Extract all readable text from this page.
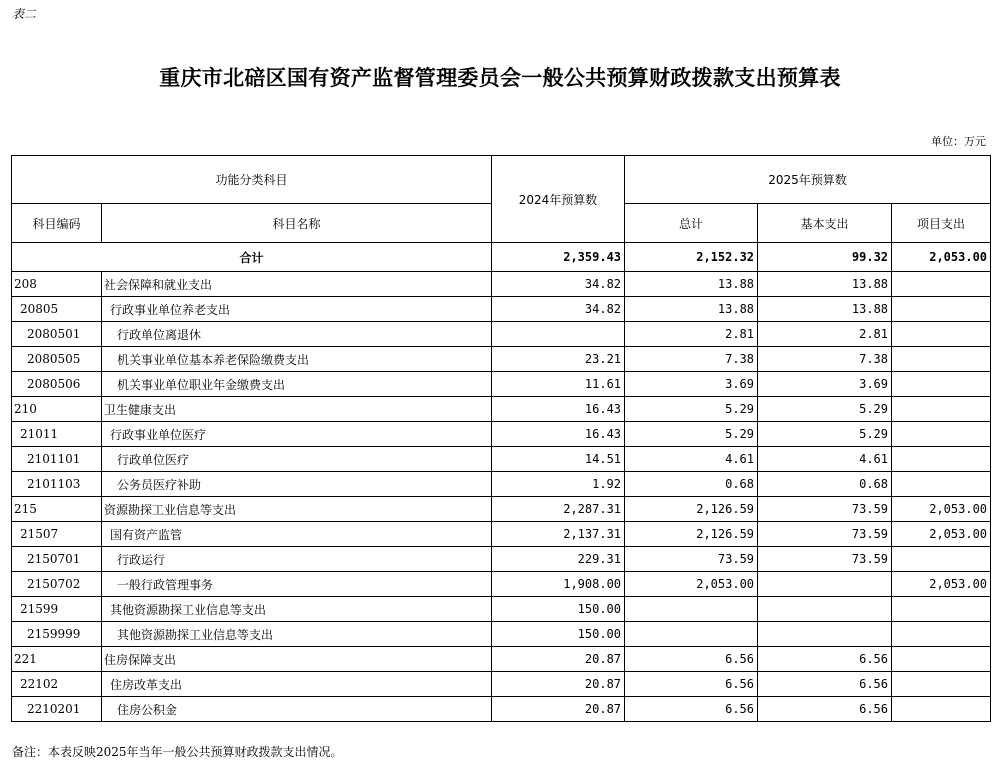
表二
重庆市北碚区国有资产监督管理委员会一般公共预算财政拨款支出预算表
单位：万元
功能分类科目		2024年预算数	2025年预算数		
科目编码	科目名称		总计	基本支出	项目支出
合计		2,359.43	2,152.32	99.32	2,053.00
208	社会保障和就业支出	34.82	13.88	13.88	
20805	行政事业单位养老支出	34.82	13.88	13.88	
2080501	行政单位离退休		2.81	2.81	
2080505	机关事业单位基本养老保险缴费支出	23.21	7.38	7.38	
2080506	机关事业单位职业年金缴费支出	11.61	3.69	3.69	
210	卫生健康支出	16.43	5.29	5.29	
21011	行政事业单位医疗	16.43	5.29	5.29	
2101101	行政单位医疗	14.51	4.61	4.61	
2101103	公务员医疗补助	1.92	0.68	0.68	
215	资源勘探工业信息等支出	2,287.31	2,126.59	73.59	2,053.00
21507	国有资产监管	2,137.31	2,126.59	73.59	2,053.00
2150701	行政运行	229.31	73.59	73.59	
2150702	一般行政管理事务	1,908.00	2,053.00		2,053.00
21599	其他资源勘探工业信息等支出	150.00			
2159999	其他资源勘探工业信息等支出	150.00			
221	住房保障支出	20.87	6.56	6.56	
22102	住房改革支出	20.87	6.56	6.56	
2210201	住房公积金	20.87	6.56	6.56	
备注：本表反映2025年当年一般公共预算财政拨款支出情况。
